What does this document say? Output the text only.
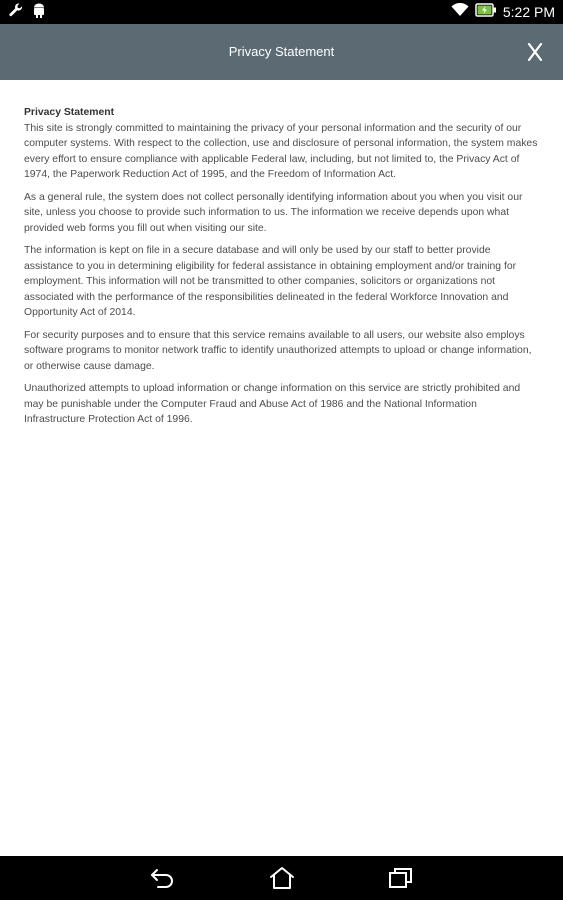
5:22 PM
Privacy Statement
Privacy Statement

This site is strongly committed to maintaining the privacy of your personal information and the security of our computer systems. With respect to the collection, use and disclosure of personal information, the system makes every effort to ensure compliance with applicable Federal law, including, but not limited to, the Privacy Act of 1974, the Paperwork Reduction Act of 1995, and the Freedom of Information Act.

As a general rule, the system does not collect personally identifying information about you when you visit our site, unless you choose to provide such information to us. The information we receive depends upon what provided web forms you fill out when visiting our site.

The information is kept on file in a secure database and will only be used by our staff to better provide assistance to you in determining eligibility for federal assistance in obtaining employment and/or training for employment. This information will not be transmitted to other companies, solicitors or organizations not associated with the performance of the responsibilities delineated in the federal Workforce Innovation and Opportunity Act of 2014.

For security purposes and to ensure that this service remains available to all users, our website also employs software programs to monitor network traffic to identify unauthorized attempts to upload or change information, or otherwise cause damage.

Unauthorized attempts to upload information or change information on this service are strictly prohibited and may be punishable under the Computer Fraud and Abuse Act of 1986 and the National Information Infrastructure Protection Act of 1996.
